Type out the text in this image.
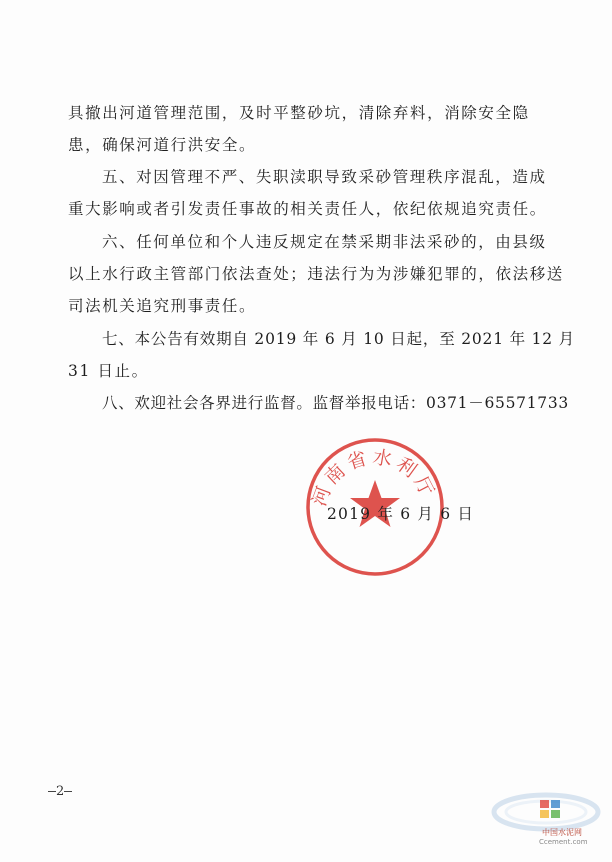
具撤出河道管理范围，及时平整砂坑，清除弃料，消除安全隐
患，确保河道行洪安全。
五、对因管理不严、失职渎职导致采砂管理秩序混乱，造成
重大影响或者引发责任事故的相关责任人，依纪依规追究责任。
六、任何单位和个人违反规定在禁采期非法采砂的，由县级
以上水行政主管部门依法查处；违法行为为涉嫌犯罪的，依法移送
司法机关追究刑事责任。
七、本公告有效期自 2019 年 6 月 10 日起，至 2021 年 12 月
31 日止。
八、欢迎社会各界进行监督。监督举报电话：0371－65571733
河南省水利厅
2019 年 6 月 6 日
2
中国水泥网
Ccement.com
